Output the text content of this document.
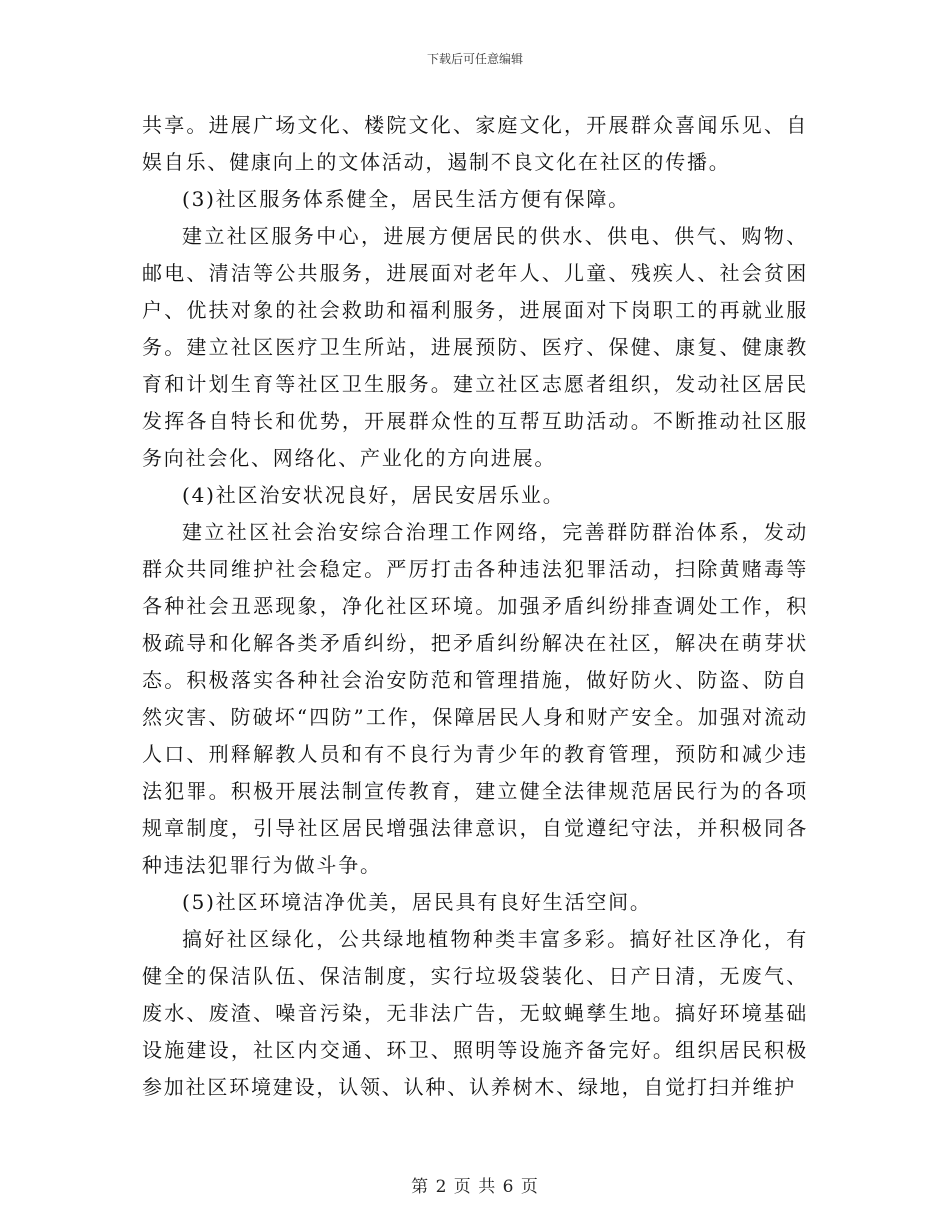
下载后可任意编辑

共享。进展广场文化、楼院文化、家庭文化，开展群众喜闻乐见、自娱自乐、健康向上的文体活动，遏制不良文化在社区的传播。

(3)社区服务体系健全，居民生活方便有保障。

建立社区服务中心，进展方便居民的供水、供电、供气、购物、邮电、清洁等公共服务，进展面对老年人、儿童、残疾人、社会贫困户、优扶对象的社会救助和福利服务，进展面对下岗职工的再就业服务。建立社区医疗卫生所站，进展预防、医疗、保健、康复、健康教育和计划生育等社区卫生服务。建立社区志愿者组织，发动社区居民发挥各自特长和优势，开展群众性的互帮互助活动。不断推动社区服务向社会化、网络化、产业化的方向进展。

(4)社区治安状况良好，居民安居乐业。

建立社区社会治安综合治理工作网络，完善群防群治体系，发动群众共同维护社会稳定。严厉打击各种违法犯罪活动，扫除黄赌毒等各种社会丑恶现象，净化社区环境。加强矛盾纠纷排查调处工作，积极疏导和化解各类矛盾纠纷，把矛盾纠纷解决在社区，解决在萌芽状态。积极落实各种社会治安防范和管理措施，做好防火、防盗、防自然灾害、防破坏“四防”工作，保障居民人身和财产安全。加强对流动人口、刑释解教人员和有不良行为青少年的教育管理，预防和减少违法犯罪。积极开展法制宣传教育，建立健全法律规范居民行为的各项规章制度，引导社区居民增强法律意识，自觉遵纪守法，并积极同各种违法犯罪行为做斗争。

(5)社区环境洁净优美，居民具有良好生活空间。

搞好社区绿化，公共绿地植物种类丰富多彩。搞好社区净化，有健全的保洁队伍、保洁制度，实行垃圾袋装化、日产日清，无废气、废水、废渣、噪音污染，无非法广告，无蚊蝇孳生地。搞好环境基础设施建设，社区内交通、环卫、照明等设施齐备完好。组织居民积极参加社区环境建设，认领、认种、认养树木、绿地，自觉打扫并维护

第 2 页 共 6 页
